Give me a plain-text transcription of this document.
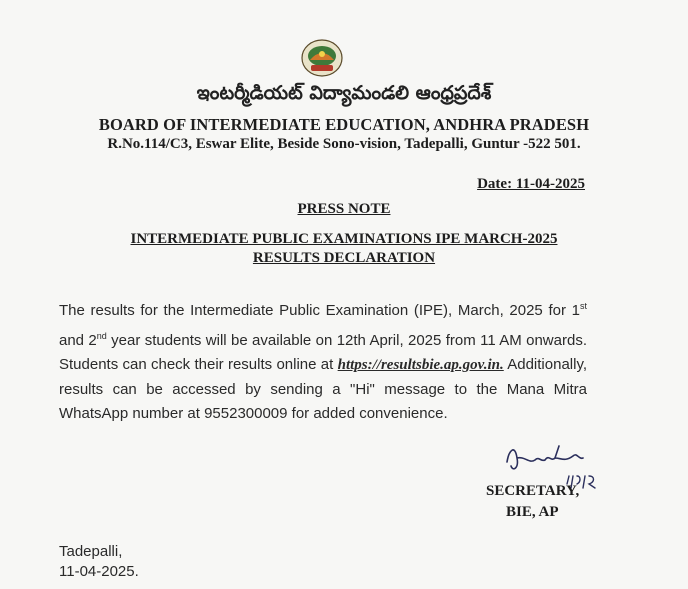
ఇంటర్మీడియట్ విద్యామండలి ఆంధ్రప్రదేశ్
BOARD OF INTERMEDIATE EDUCATION, ANDHRA PRADESH
R.No.114/C3, Eswar Elite, Beside Sono-vision, Tadepalli, Guntur -522 501.
Date: 11-04-2025
PRESS NOTE
INTERMEDIATE PUBLIC EXAMINATIONS IPE MARCH-2025
RESULTS DECLARATION
The results for the Intermediate Public Examination (IPE), March, 2025 for 1st and 2nd year students will be available on 12th April, 2025 from 11 AM onwards. Students can check their results online at https://resultsbie.ap.gov.in. Additionally, results can be accessed by sending a "Hi" message to the Mana Mitra WhatsApp number at 9552300009 for added convenience.
SECRETARY,
BIE, AP
Tadepalli,
11-04-2025.
